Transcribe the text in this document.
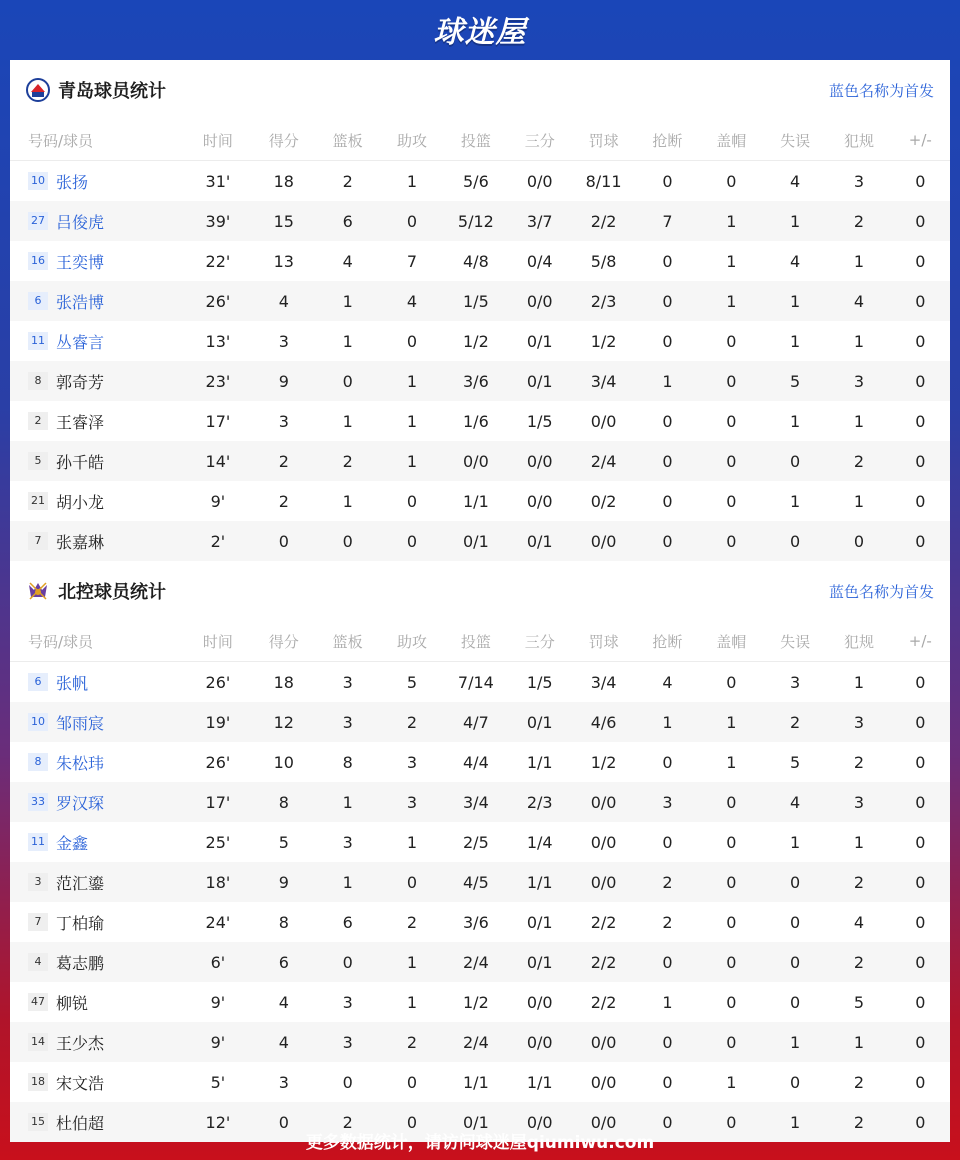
球迷屋
青岛球员统计	蓝色名称为首发
号码/球员	时间	得分	篮板	助攻	投篮	三分	罚球	抢断	盖帽	失误	犯规	+/-
10 张扬	31'	18	2	1	5/6	0/0	8/11	0	0	4	3	0
27 吕俊虎	39'	15	6	0	5/12	3/7	2/2	7	1	1	2	0
16 王奕博	22'	13	4	7	4/8	0/4	5/8	0	1	4	1	0
6 张浩博	26'	4	1	4	1/5	0/0	2/3	0	1	1	4	0
11 丛睿言	13'	3	1	0	1/2	0/1	1/2	0	0	1	1	0
8 郭奇芳	23'	9	0	1	3/6	0/1	3/4	1	0	5	3	0
2 王睿泽	17'	3	1	1	1/6	1/5	0/0	0	0	1	1	0
5 孙千皓	14'	2	2	1	0/0	0/0	2/4	0	0	0	2	0
21 胡小龙	9'	2	1	0	1/1	0/0	0/2	0	0	1	1	0
7 张嘉琳	2'	0	0	0	0/1	0/1	0/0	0	0	0	0	0
北控球员统计	蓝色名称为首发
号码/球员	时间	得分	篮板	助攻	投篮	三分	罚球	抢断	盖帽	失误	犯规	+/-
6 张帆	26'	18	3	5	7/14	1/5	3/4	4	0	3	1	0
10 邹雨宸	19'	12	3	2	4/7	0/1	4/6	1	1	2	3	0
8 朱松玮	26'	10	8	3	4/4	1/1	1/2	0	1	5	2	0
33 罗汉琛	17'	8	1	3	3/4	2/3	0/0	3	0	4	3	0
11 金鑫	25'	5	3	1	2/5	1/4	0/0	0	0	1	1	0
3 范汇鎏	18'	9	1	0	4/5	1/1	0/0	2	0	0	2	0
7 丁柏瑜	24'	8	6	2	3/6	0/1	2/2	2	0	0	4	0
4 葛志鹏	6'	6	0	1	2/4	0/1	2/2	0	0	0	2	0
47 柳锐	9'	4	3	1	1/2	0/0	2/2	1	0	0	5	0
14 王少杰	9'	4	3	2	2/4	0/0	0/0	0	0	1	1	0
18 宋文浩	5'	3	0	0	1/1	1/1	0/0	0	1	0	2	0
15 杜伯超	12'	0	2	0	0/1	0/0	0/0	0	0	1	2	0
更多数据统计，请访问球迷屋qiumiwu.com
